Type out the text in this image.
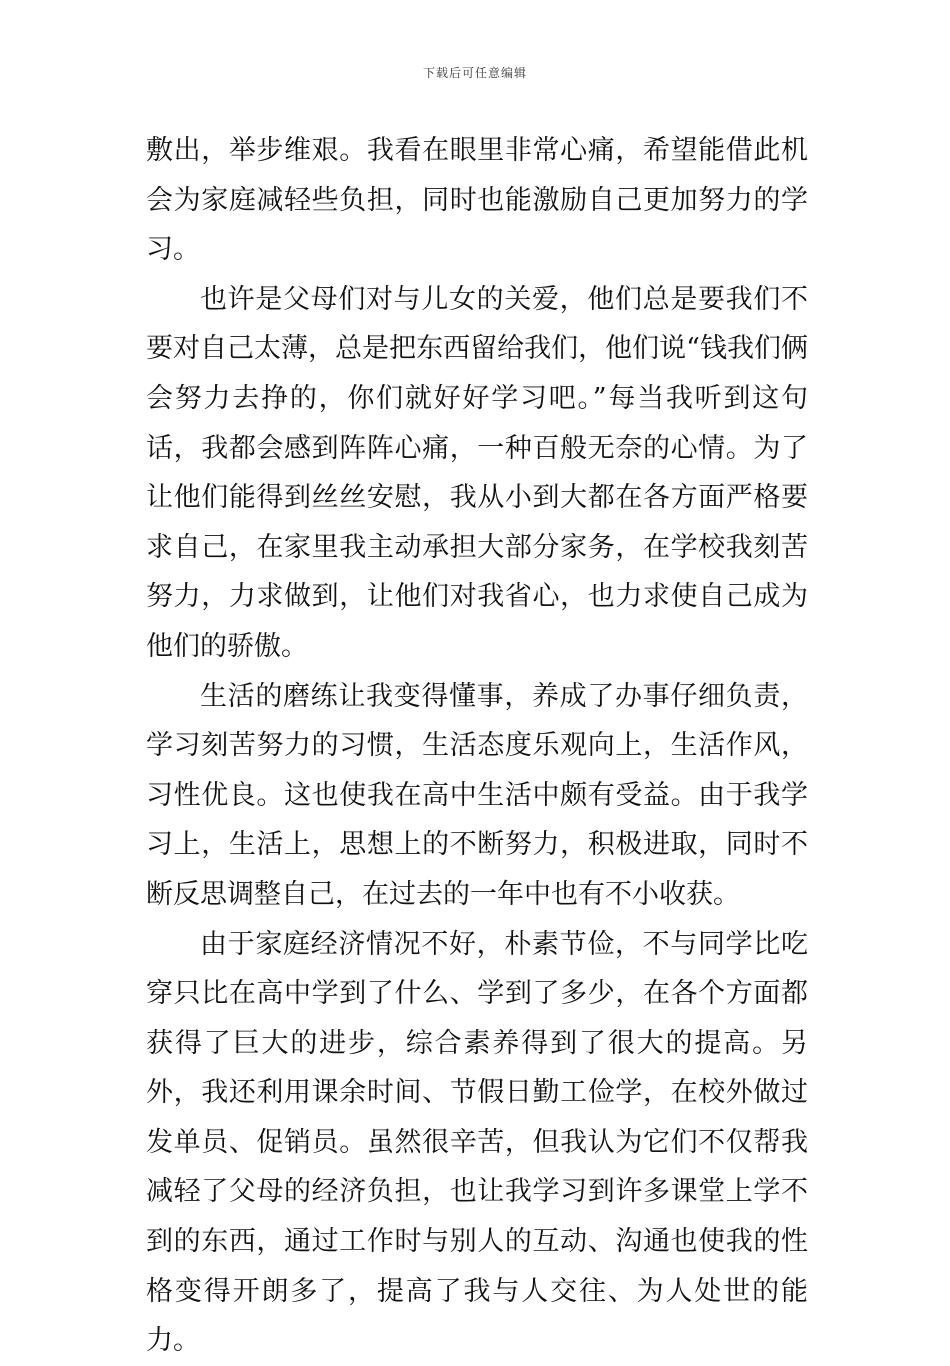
下载后可任意编辑

敷出，举步维艰。我看在眼里非常心痛，希望能借此机会为家庭减轻些负担，同时也能激励自己更加努力的学习。

也许是父母们对与儿女的关爱，他们总是要我们不要对自己太薄，总是把东西留给我们，他们说“钱我们俩会努力去挣的，你们就好好学习吧。”每当我听到这句话，我都会感到阵阵心痛，一种百般无奈的心情。为了让他们能得到丝丝安慰，我从小到大都在各方面严格要求自己，在家里我主动承担大部分家务，在学校我刻苦努力，力求做到，让他们对我省心，也力求使自己成为他们的骄傲。

生活的磨练让我变得懂事，养成了办事仔细负责，学习刻苦努力的习惯，生活态度乐观向上，生活作风，习性优良。这也使我在高中生活中颇有受益。由于我学习上，生活上，思想上的不断努力，积极进取，同时不断反思调整自己，在过去的一年中也有不小收获。

由于家庭经济情况不好，朴素节俭，不与同学比吃穿只比在高中学到了什么、学到了多少，在各个方面都获得了巨大的进步，综合素养得到了很大的提高。另外，我还利用课余时间、节假日勤工俭学，在校外做过发单员、促销员。虽然很辛苦，但我认为它们不仅帮我减轻了父母的经济负担，也让我学习到许多课堂上学不到的东西，通过工作时与别人的互动、沟通也使我的性格变得开朗多了，提高了我与人交往、为人处世的能力。
